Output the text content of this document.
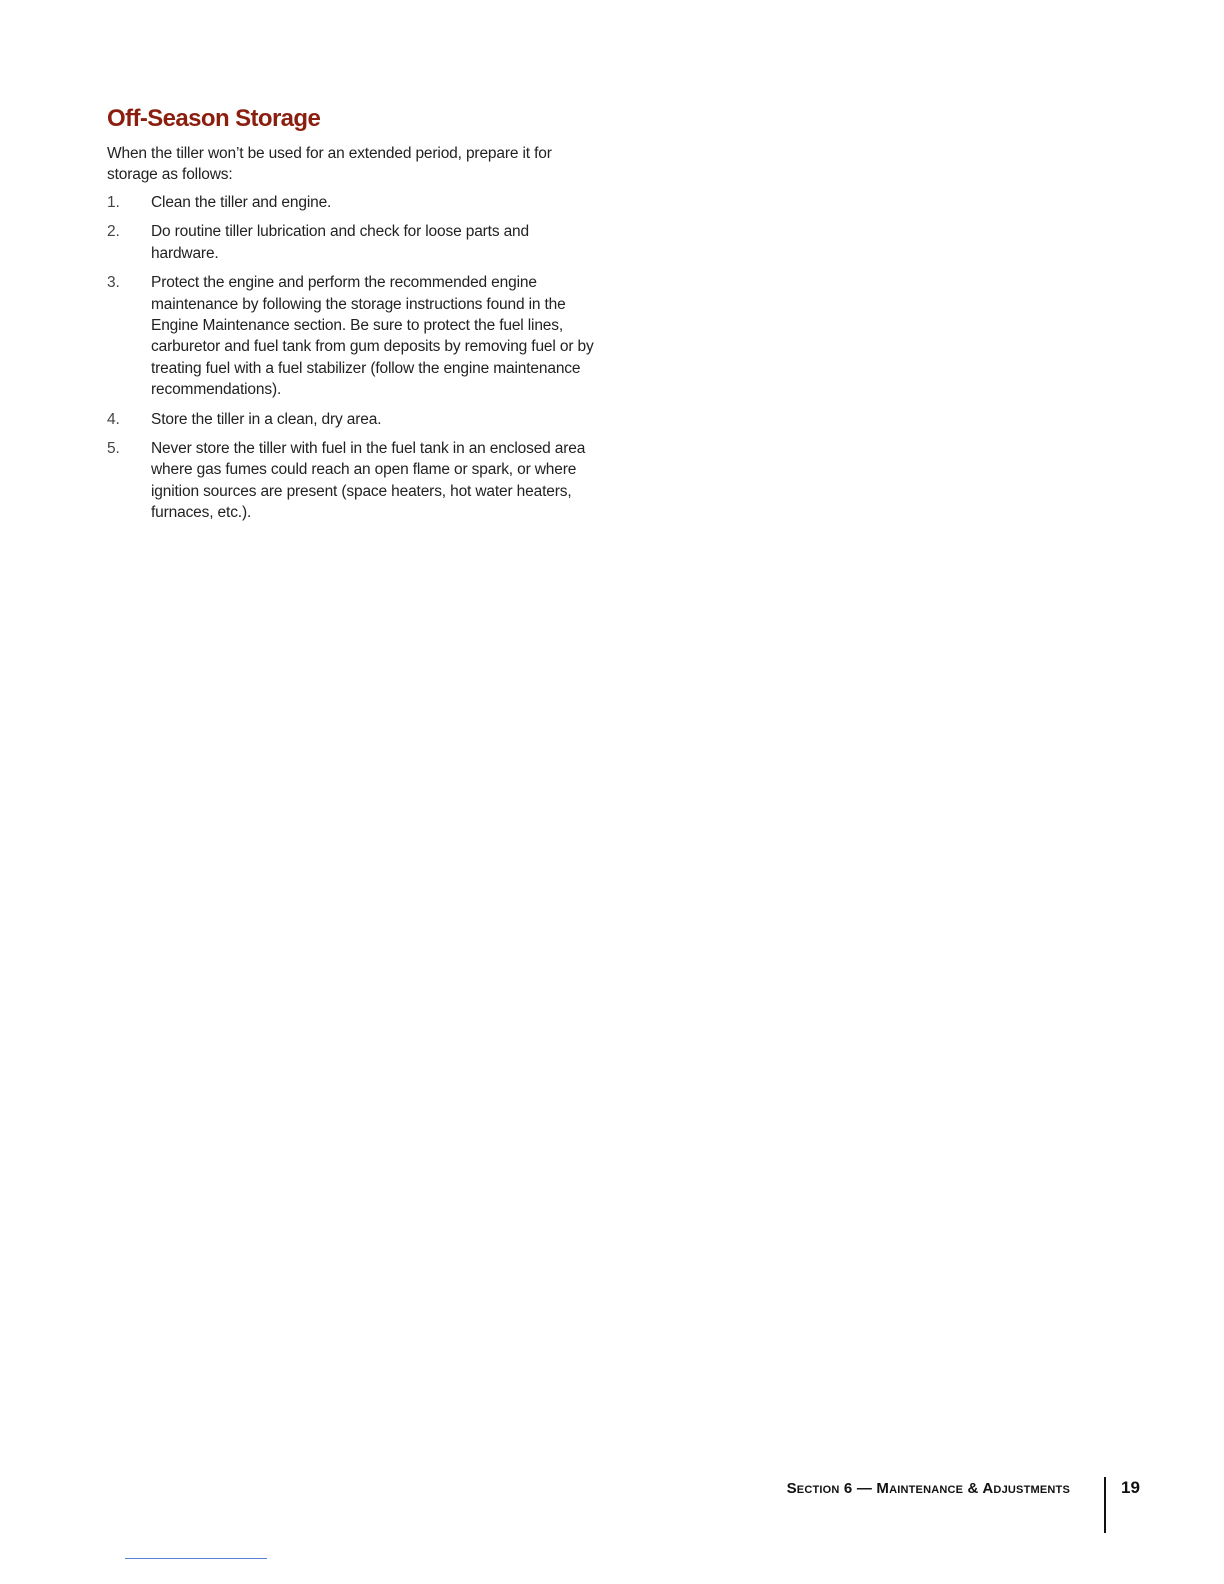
Off-Season Storage

When the tiller won’t be used for an extended period, prepare it for storage as follows:

1. Clean the tiller and engine.
2. Do routine tiller lubrication and check for loose parts and hardware.
3. Protect the engine and perform the recommended engine maintenance by following the storage instructions found in the Engine Maintenance section. Be sure to protect the fuel lines, carburetor and fuel tank from gum deposits by removing fuel or by treating fuel with a fuel stabilizer (follow the engine maintenance recommendations).
4. Store the tiller in a clean, dry area.
5. Never store the tiller with fuel in the fuel tank in an enclosed area where gas fumes could reach an open flame or spark, or where ignition sources are present (space heaters, hot water heaters, furnaces, etc.).
Section 6 — Maintenance & Adjustments	19
